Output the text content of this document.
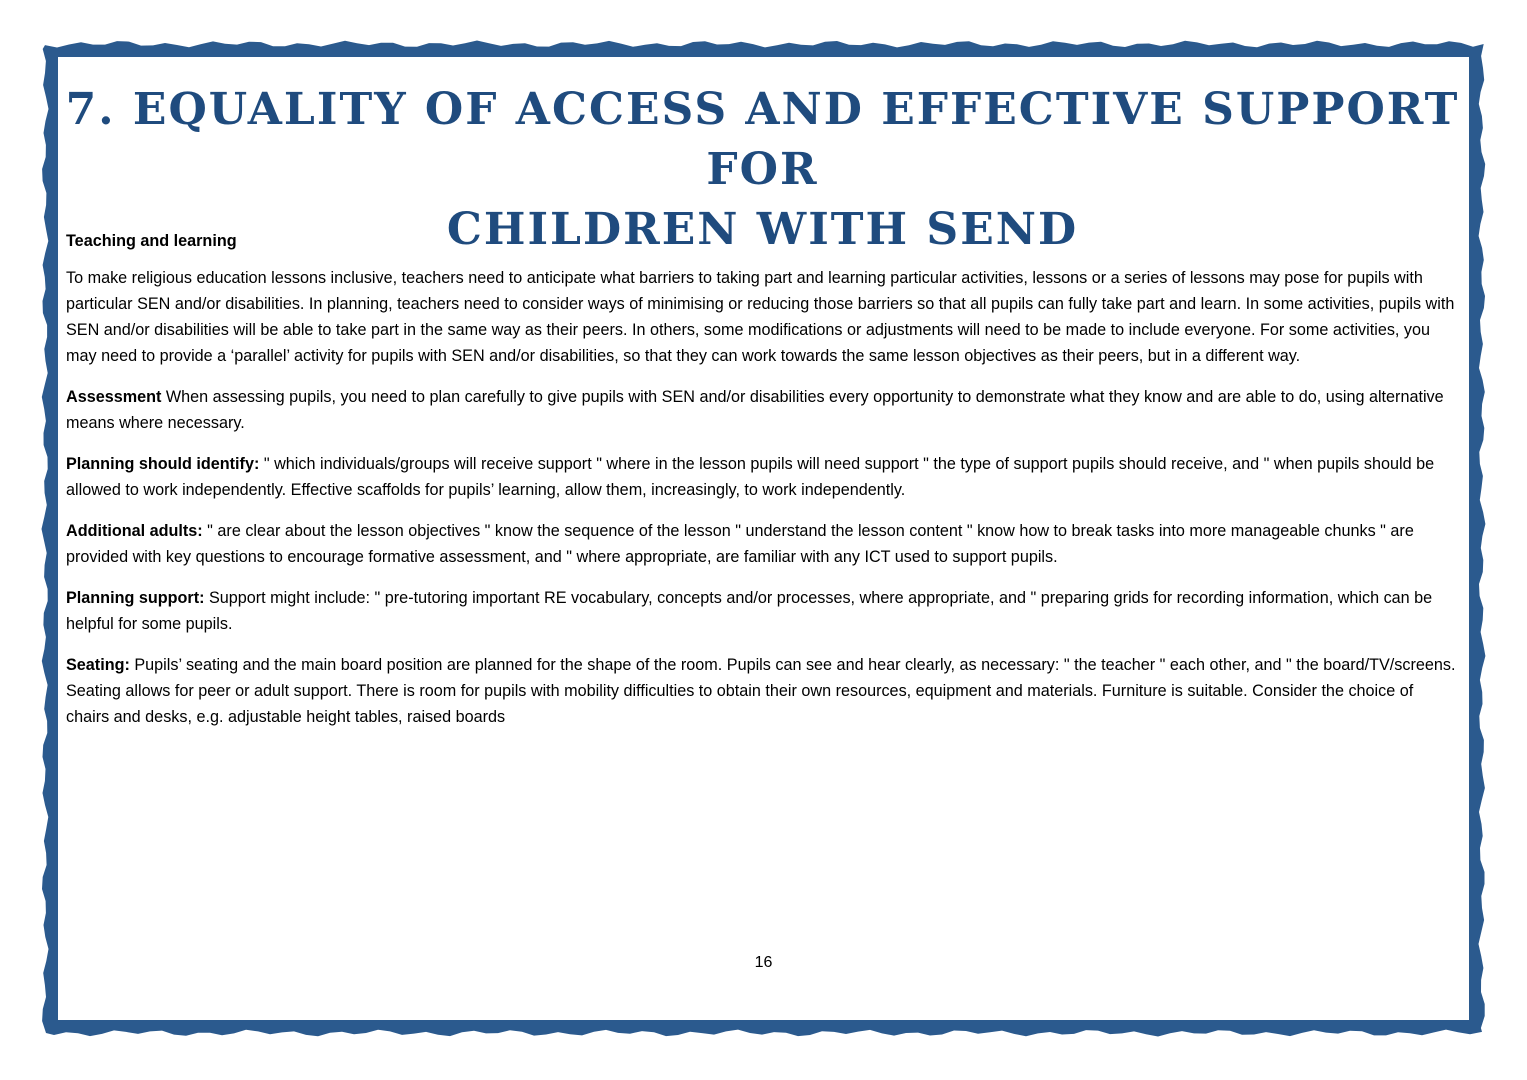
7. EQUALITY OF ACCESS AND EFFECTIVE SUPPORT FOR
CHILDREN WITH SEND

Teaching and learning

To make religious education lessons inclusive, teachers need to anticipate what barriers to taking part and learning particular activities, lessons or a series of lessons may pose for pupils with particular SEN and/or disabilities. In planning, teachers need to consider ways of minimising or reducing those barriers so that all pupils can fully take part and learn. In some activities, pupils with SEN and/or disabilities will be able to take part in the same way as their peers. In others, some modifications or adjustments will need to be made to include everyone. For some activities, you may need to provide a ‘parallel’ activity for pupils with SEN and/or disabilities, so that they can work towards the same lesson objectives as their peers, but in a different way.

Assessment When assessing pupils, you need to plan carefully to give pupils with SEN and/or disabilities every opportunity to demonstrate what they know and are able to do, using alternative means where necessary.

Planning should identify: " which individuals/groups will receive support " where in the lesson pupils will need support " the type of support pupils should receive, and " when pupils should be allowed to work independently. Effective scaffolds for pupils’ learning, allow them, increasingly, to work independently.

Additional adults: " are clear about the lesson objectives " know the sequence of the lesson " understand the lesson content " know how to break tasks into more manageable chunks " are provided with key questions to encourage formative assessment, and " where appropriate, are familiar with any ICT used to support pupils.

Planning support: Support might include: " pre-tutoring important RE vocabulary, concepts and/or processes, where appropriate, and " preparing grids for recording information, which can be helpful for some pupils.

Seating: Pupils’ seating and the main board position are planned for the shape of the room. Pupils can see and hear clearly, as necessary: " the teacher " each other, and " the board/TV/screens. Seating allows for peer or adult support. There is room for pupils with mobility difficulties to obtain their own resources, equipment and materials. Furniture is suitable. Consider the choice of chairs and desks, e.g. adjustable height tables, raised boards

16
